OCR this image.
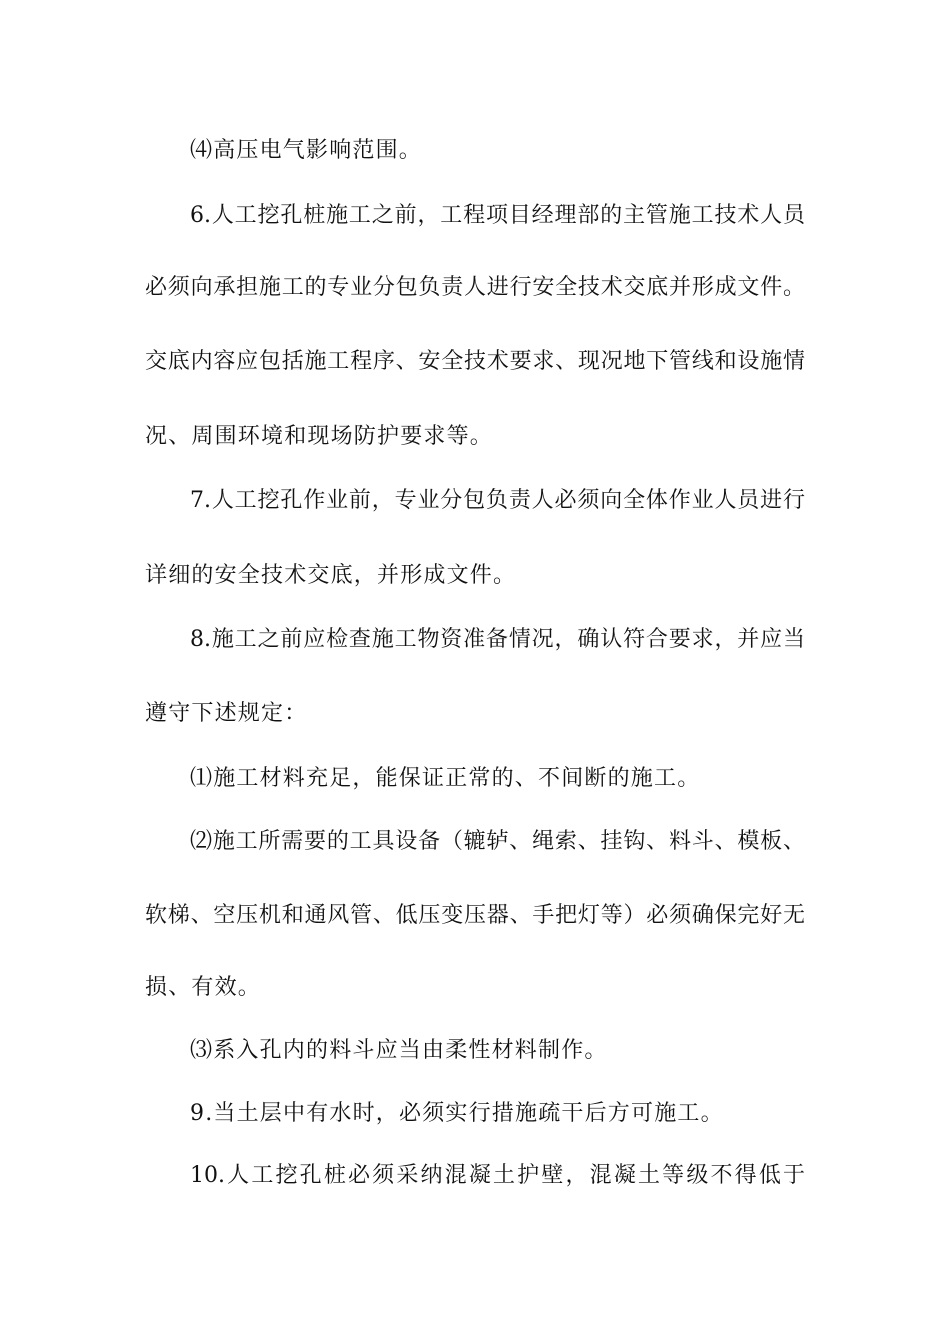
⑷高压电气影响范围。
6.人工挖孔桩施工之前，工程项目经理部的主管施工技术人员
必须向承担施工的专业分包负责人进行安全技术交底并形成文件。
交底内容应包括施工程序、安全技术要求、现况地下管线和设施情
况、周围环境和现场防护要求等。
7.人工挖孔作业前，专业分包负责人必须向全体作业人员进行
详细的安全技术交底，并形成文件。
8.施工之前应检查施工物资准备情况，确认符合要求，并应当
遵守下述规定：
⑴施工材料充足，能保证正常的、不间断的施工。
⑵施工所需要的工具设备（辘轳、绳索、挂钩、料斗、模板、
软梯、空压机和通风管、低压变压器、手把灯等）必须确保完好无
损、有效。
⑶系入孔内的料斗应当由柔性材料制作。
9.当土层中有水时，必须实行措施疏干后方可施工。
10.人工挖孔桩必须采纳混凝土护壁，混凝土等级不得低于
